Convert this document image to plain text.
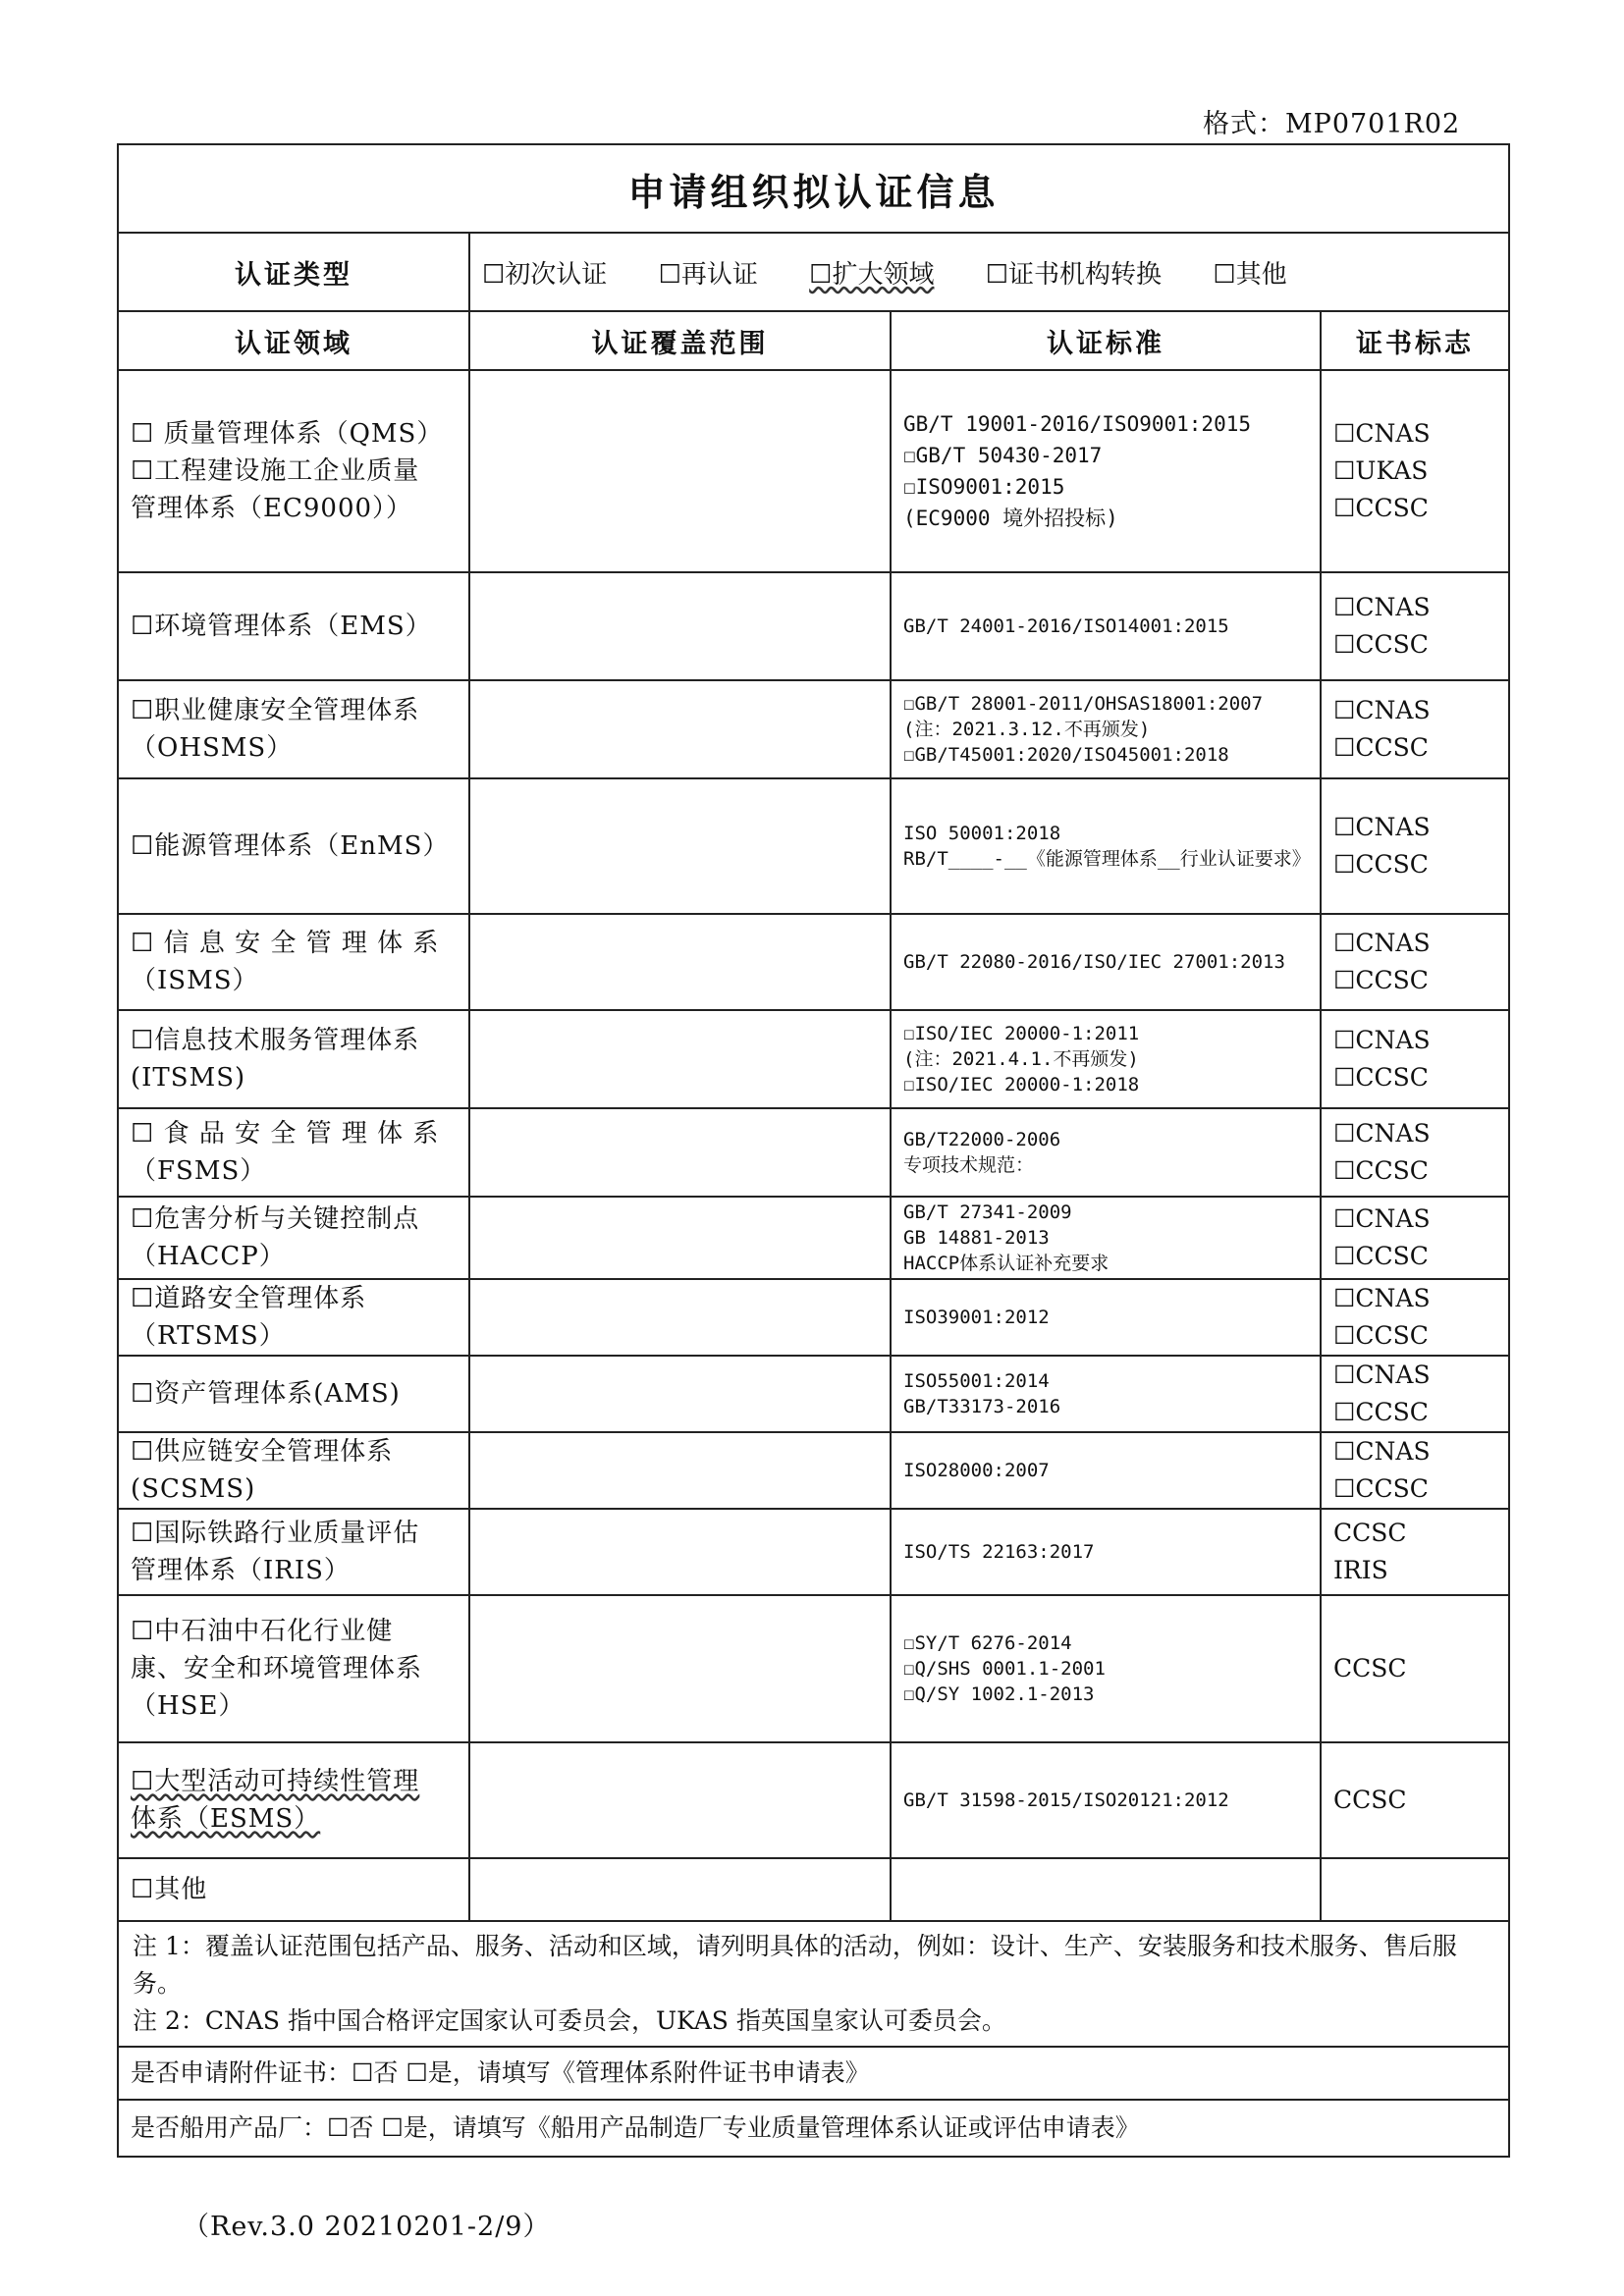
格式：MP0701R02
申请组织拟认证信息			
认证类型	☐初次认证 ☐再认证 ☐扩大领域 ☐证书机构转换 ☐其他		
认证领域	认证覆盖范围	认证标准	证书标志

☐ 质量管理体系（QMS）
☐工程建设施工企业质量
管理体系（EC9000））		GB/T 19001-2016/ISO9001:2015
☐GB/T 50430-2017
☐ISO9001:2015
(EC9000 境外招投标)	☐CNAS
☐UKAS
☐CCSC

☐环境管理体系（EMS）		GB/T 24001-2016/ISO14001:2015	☐CNAS
☐CCSC

☐职业健康安全管理体系
（OHSMS）		☐GB/T 28001-2011/OHSAS18001:2007
(注：2021.3.12.不再颁发)
☐GB/T45001:2020/ISO45001:2018	☐CNAS
☐CCSC

☐能源管理体系（EnMS）		ISO 50001:2018
RB/T____-__《能源管理体系__行业认证要求》	☐CNAS
☐CCSC

☐ 信 息 安 全 管 理 体 系
（ISMS）		GB/T 22080-2016/ISO/IEC 27001:2013	☐CNAS
☐CCSC

☐信息技术服务管理体系
(ITSMS)		☐ISO/IEC 20000-1:2011
(注：2021.4.1.不再颁发)
☐ISO/IEC 20000-1:2018	☐CNAS
☐CCSC

☐ 食 品 安 全 管 理 体 系
（FSMS）		GB/T22000-2006
专项技术规范：	☐CNAS
☐CCSC

☐危害分析与关键控制点
（HACCP）		GB/T 27341-2009
GB 14881-2013
HACCP体系认证补充要求	☐CNAS
☐CCSC

☐道路安全管理体系
（RTSMS）		ISO39001:2012	☐CNAS
☐CCSC

☐资产管理体系(AMS)		ISO55001:2014
GB/T33173-2016	☐CNAS
☐CCSC

☐供应链安全管理体系
(SCSMS)		ISO28000:2007	☐CNAS
☐CCSC

☐国际铁路行业质量评估
管理体系（IRIS）		ISO/TS 22163:2017	CCSC
IRIS

☐中石油中石化行业健
康、安全和环境管理体系
（HSE）		☐SY/T 6276-2014
☐Q/SHS 0001.1-2001
☐Q/SY 1002.1-2013	CCSC

☐大型活动可持续性管理
体系（ESMS）		GB/T 31598-2015/ISO20121:2012	CCSC

☐其他			

注 1：覆盖认证范围包括产品、服务、活动和区域，请列明具体的活动，例如：设计、生产、安装服务和技术服务、售后服务。
注 2：CNAS 指中国合格评定国家认可委员会，UKAS 指英国皇家认可委员会。			

是否申请附件证书：☐否 ☐是，请填写《管理体系附件证书申请表》			
是否船用产品厂：☐否 ☐是，请填写《船用产品制造厂专业质量管理体系认证或评估申请表》			
（Rev.3.0 20210201-2/9）
